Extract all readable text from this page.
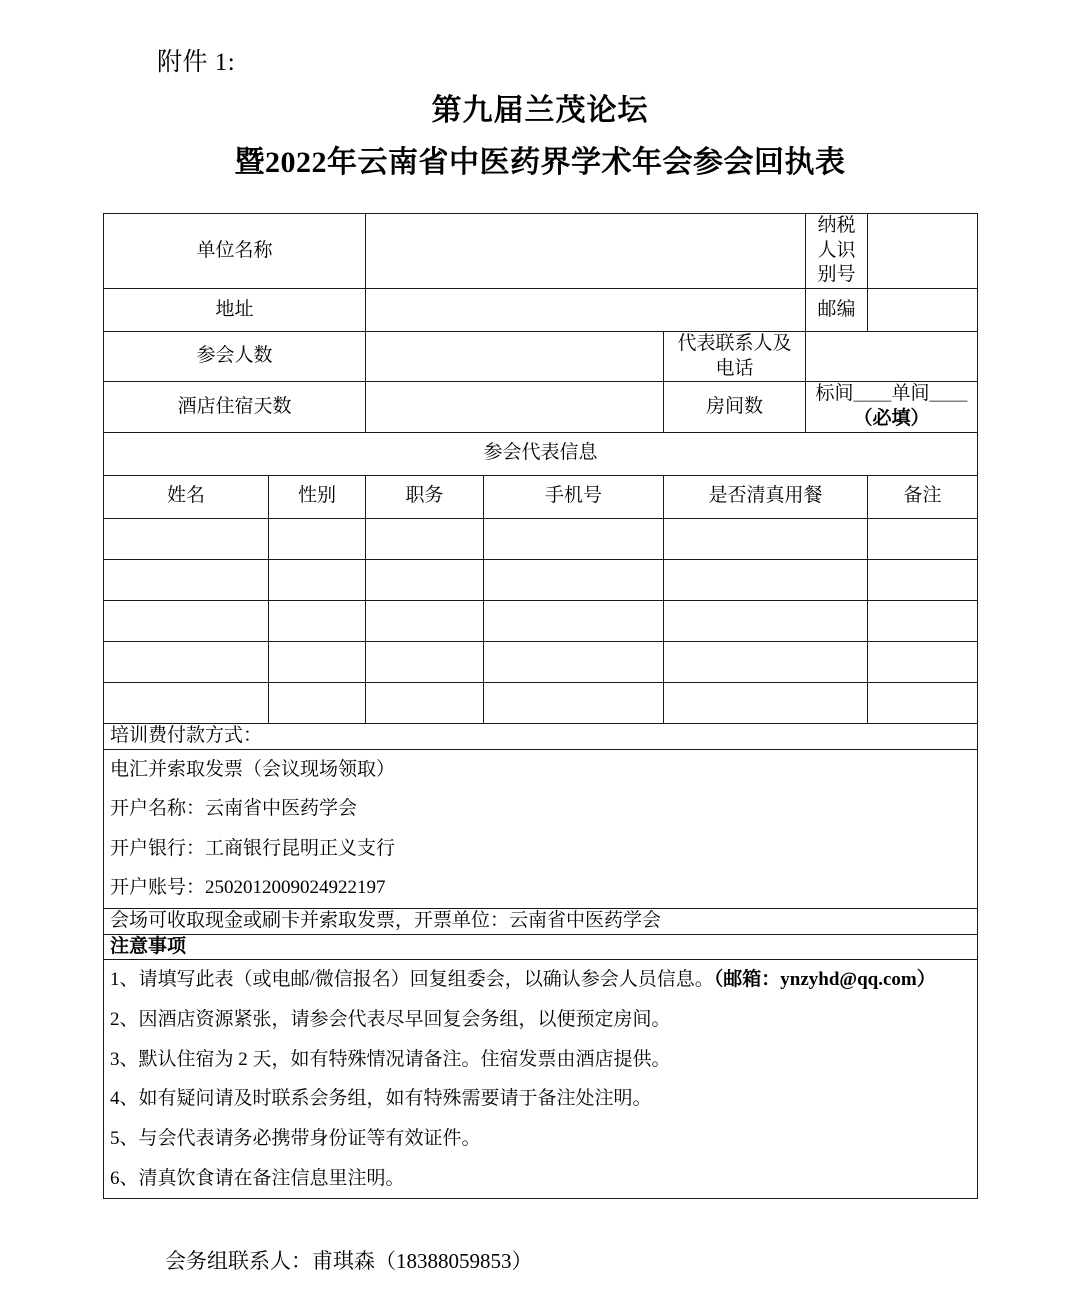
附件 1:
第九届兰茂论坛
暨2022年云南省中医药界学术年会参会回执表
单位名称					纳税人识别号	
地址					邮编	
参会人数				代表联系人及电话		
酒店住宿天数				房间数	标间＿＿单间＿＿（必填）	
参会代表信息						
姓名	性别	职务	手机号	是否清真用餐		备注

培训费付款方式：						

电汇并索取发票（会议现场领取）

开户名称：云南省中医药学会

开户银行：工商银行昆明正义支行

开户账号：2502012009024922197						

会场可收取现金或刷卡并索取发票，开票单位：云南省中医药学会						
注意事项						

1、请填写此表（或电邮/微信报名）回复组委会，以确认参会人员信息。（邮箱：ynzyhd@qq.com）

2、因酒店资源紧张，请参会代表尽早回复会务组，以便预定房间。

3、默认住宿为 2 天，如有特殊情况请备注。住宿发票由酒店提供。

4、如有疑问请及时联系会务组，如有特殊需要请于备注处注明。

5、与会代表请务必携带身份证等有效证件。

6、清真饮食请在备注信息里注明。

会务组联系人：甫琪森（18388059853）
